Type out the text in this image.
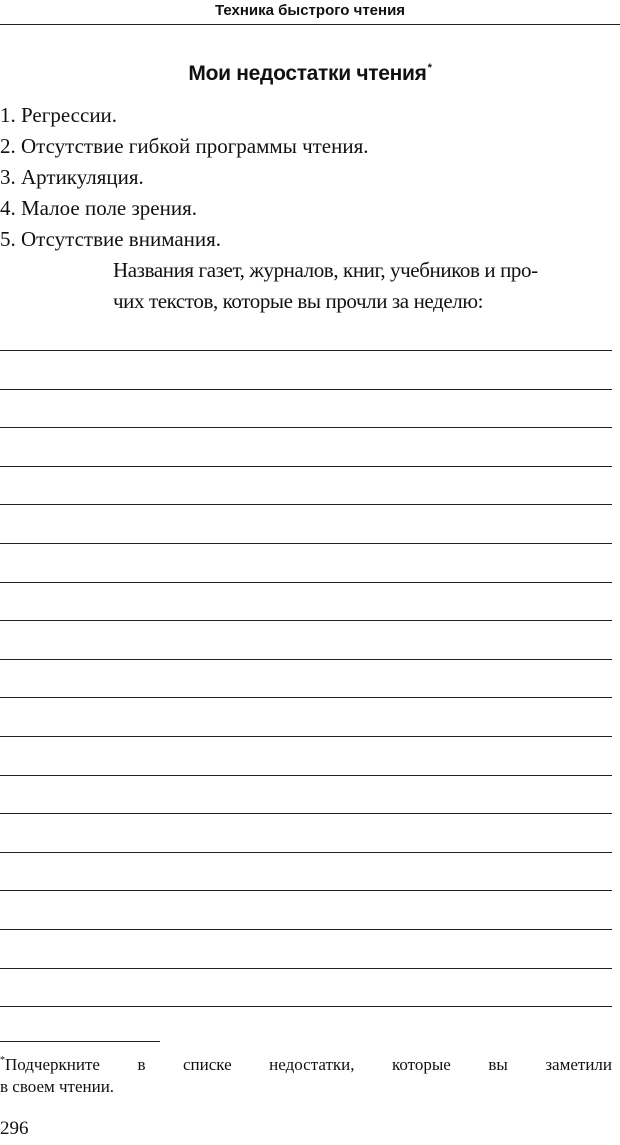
Техника быстрого чтения
Мои недостатки чтения*
1. Регрессии.
2. Отсутствие гибкой программы чтения.
3. Артикуляция.
4. Малое поле зрения.
5. Отсутствие внимания.
Названия газет, журналов, книг, учебников и про-
чих текстов, которые вы прочли за неделю:
*Подчеркните в списке недостатки, которые вы заметили
в своем чтении.
296
